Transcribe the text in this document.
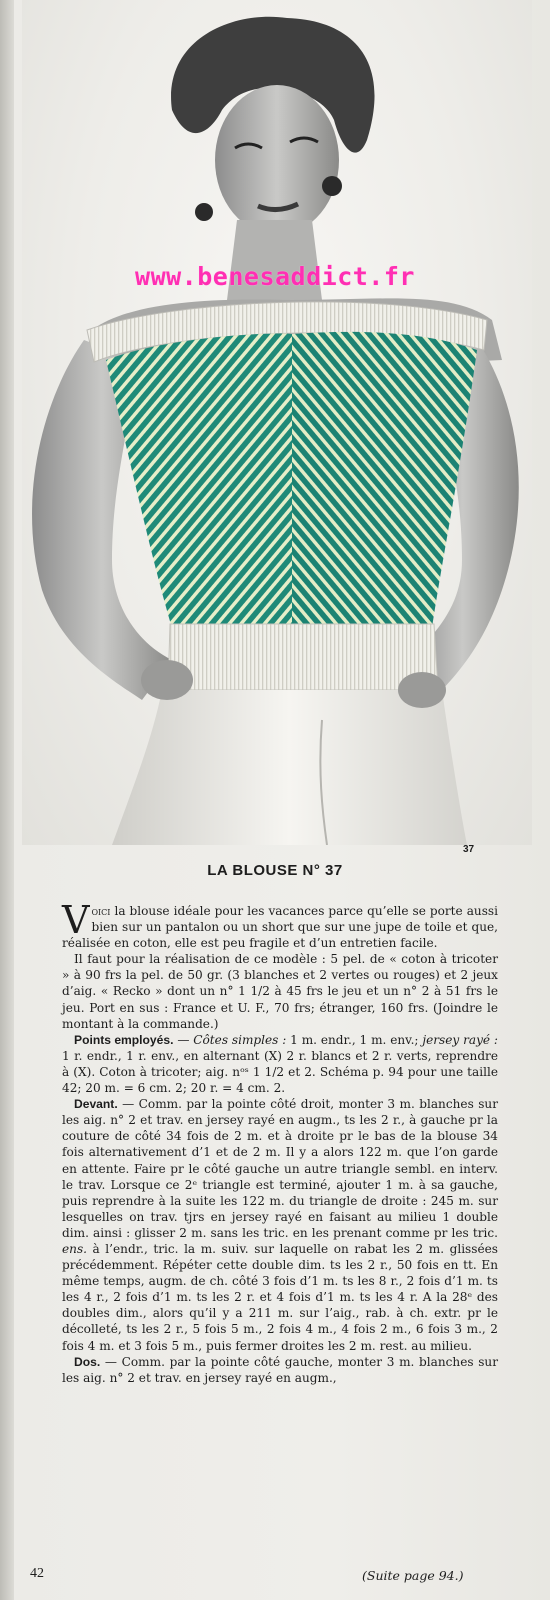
www.benesaddict.fr
37
LA BLOUSE N° 37

Voici la blouse idéale pour les vacances parce qu’elle se porte aussi bien sur un pantalon ou un short que sur une jupe de toile et que, réalisée en coton, elle est peu fragile et d’un entretien facile.

Il faut pour la réalisation de ce modèle : 5 pel. de « coton à tricoter » à 90 frs la pel. de 50 gr. (3 blanches et 2 vertes ou rouges) et 2 jeux d’aig. « Recko » dont un n° 1 1/2 à 45 frs le jeu et un n° 2 à 51 frs le jeu. Port en sus : France et U. F., 70 frs; étranger, 160 frs. (Joindre le montant à la commande.)

Points employés. — Côtes simples : 1 m. endr., 1 m. env.; jersey rayé : 1 r. endr., 1 r. env., en alternant (X) 2 r. blancs et 2 r. verts, reprendre à (X). Coton à tricoter; aig. nᵒˢ 1 1/2 et 2. Schéma p. 94 pour une taille 42; 20 m. = 6 cm. 2; 20 r. = 4 cm. 2.

Devant. — Comm. par la pointe côté droit, monter 3 m. blanches sur les aig. n° 2 et trav. en jersey rayé en augm., ts les 2 r., à gauche pr la couture de côté 34 fois de 2 m. et à droite pr le bas de la blouse 34 fois alternativement d’1 et de 2 m. Il y a alors 122 m. que l’on garde en attente. Faire pr le côté gauche un autre triangle sembl. en interv. le trav. Lorsque ce 2ᵉ triangle est terminé, ajouter 1 m. à sa gauche, puis reprendre à la suite les 122 m. du triangle de droite : 245 m. sur lesquelles on trav. tjrs en jersey rayé en faisant au milieu 1 double dim. ainsi : glisser 2 m. sans les tric. en les prenant comme pr les tric. ens. à l’endr., tric. la m. suiv. sur laquelle on rabat les 2 m. glissées précédemment. Répéter cette double dim. ts les 2 r., 50 fois en tt. En même temps, augm. de ch. côté 3 fois d’1 m. ts les 8 r., 2 fois d’1 m. ts les 4 r., 2 fois d’1 m. ts les 2 r. et 4 fois d’1 m. ts les 4 r. A la 28ᵉ des doubles dim., alors qu’il y a 211 m. sur l’aig., rab. à ch. extr. pr le décolleté, ts les 2 r., 5 fois 5 m., 2 fois 4 m., 4 fois 2 m., 6 fois 3 m., 2 fois 4 m. et 3 fois 5 m., puis fermer droites les 2 m. rest. au milieu.

Dos. — Comm. par la pointe côté gauche, monter 3 m. blanches sur les aig. n° 2 et trav. en jersey rayé en augm.,

42	(Suite page 94.)
